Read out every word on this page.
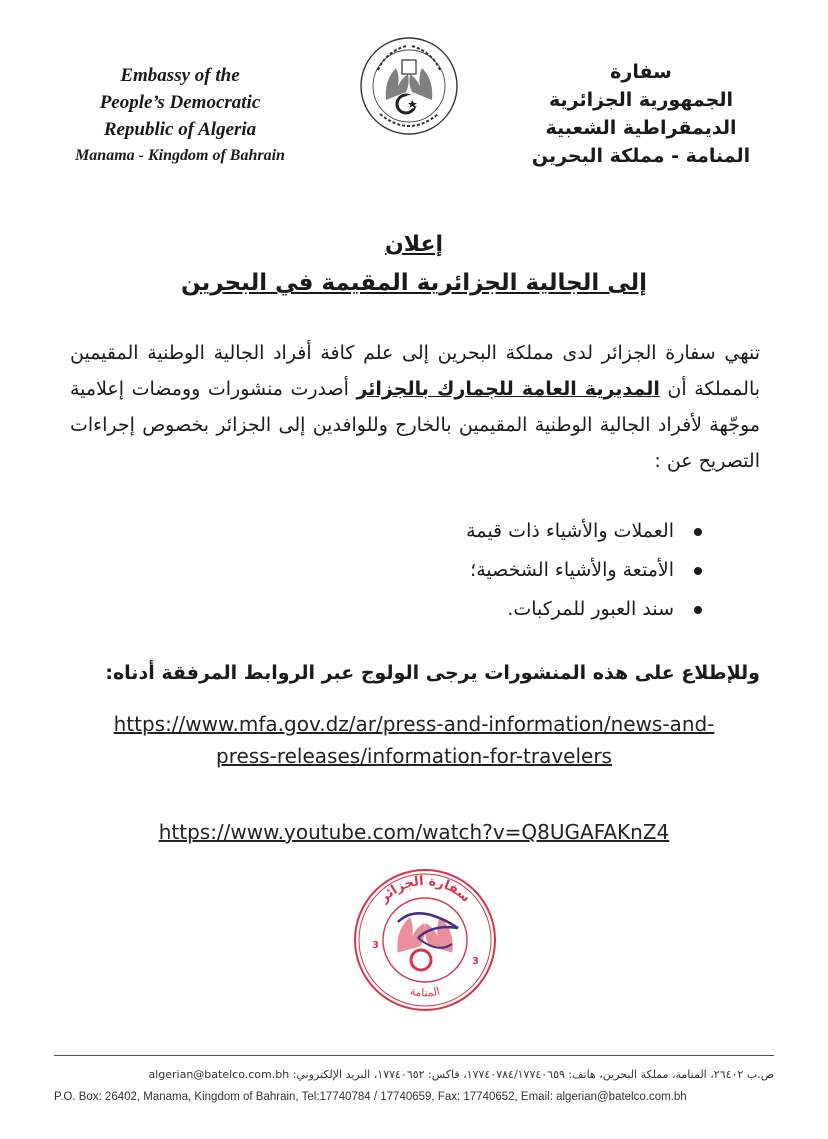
Embassy of the
People’s Democratic
Republic of Algeria
Manama - Kingdom of Bahrain
سفارة
الجمهورية الجزائرية
الديمقراطية الشعبية
المنامة - مملكة البحرين
إعلان
إلى الجالية الجزائرية المقيمة في البحرين
تنهي سفارة الجزائر لدى مملكة البحرين إلى علم كافة أفراد الجالية الوطنية المقيمين بالمملكة أن المديرية العامة للجمارك بالجزائر أصدرت منشورات وومضات إعلامية موجّهة لأفراد الجالية الوطنية المقيمين بالخارج وللوافدين إلى الجزائر بخصوص إجراءات التصريح عن :
العملات والأشياء ذات قيمة
الأمتعة والأشياء الشخصية؛
سند العبور للمركبات.
وللإطلاع على هذه المنشورات يرجى الولوج عبر الروابط المرفقة أدناه:
https://www.mfa.gov.dz/ar/press-and-information/news-and-
press-releases/information-for-travelers
https://www.youtube.com/watch?v=Q8UGAFAKnZ4
سفارة الجزائر
المنامة
3
3
ص.ب ٢٦٤٠٢، المنامة، مملكة البحرين، هاتف: ١٧٧٤٠٧٨٤/١٧٧٤٠٦٥٩، فاكس: ١٧٧٤٠٦٥٢، البريد الإلكتروني: algerian@batelco.com.bh
P.O. Box: 26402, Manama, Kingdom of Bahrain, Tel:17740784 / 17740659, Fax: 17740652, Email: algerian@batelco.com.bh
